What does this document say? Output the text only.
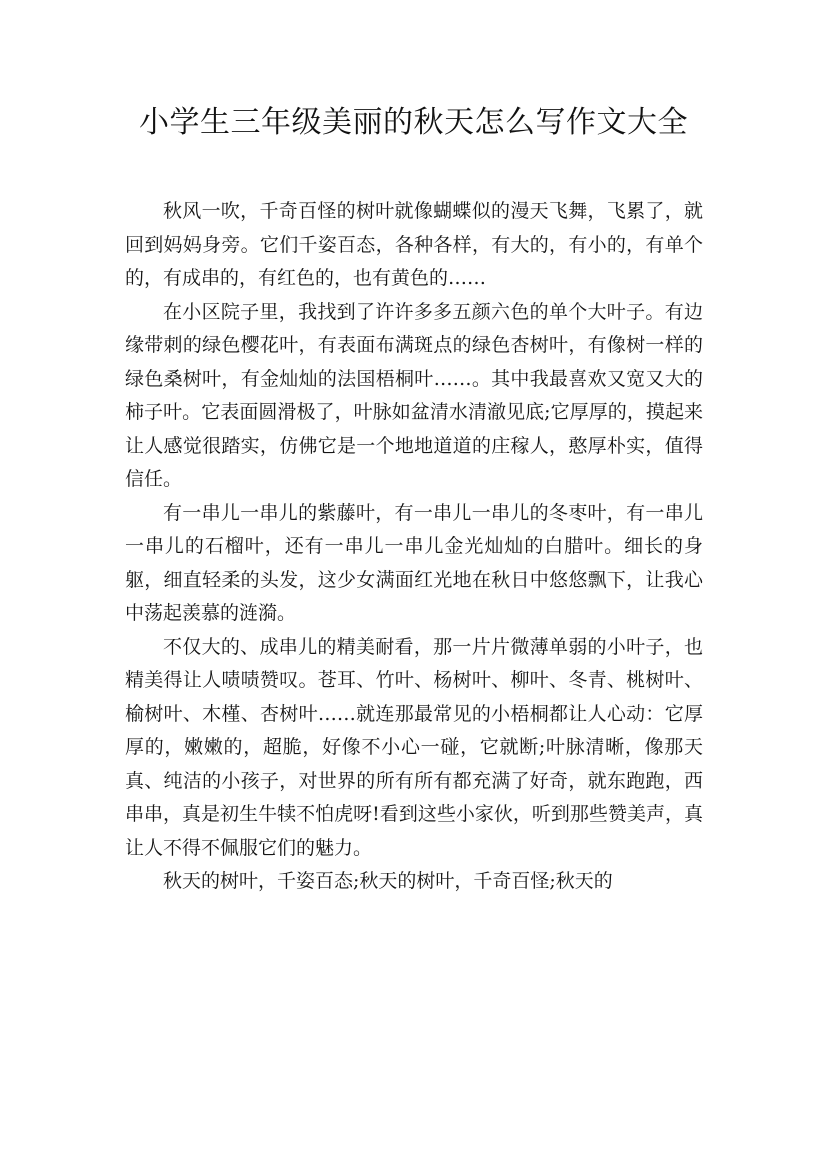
小学生三年级美丽的秋天怎么写作文大全

秋风一吹，千奇百怪的树叶就像蝴蝶似的漫天飞舞，飞累了，就回到妈妈身旁。它们千姿百态，各种各样，有大的，有小的，有单个的，有成串的，有红色的，也有黄色的……

在小区院子里，我找到了许许多多五颜六色的单个大叶子。有边缘带刺的绿色樱花叶，有表面布满斑点的绿色杏树叶，有像树一样的绿色桑树叶，有金灿灿的法国梧桐叶……。其中我最喜欢又宽又大的柿子叶。它表面圆滑极了，叶脉如盆清水清澈见底;它厚厚的，摸起来让人感觉很踏实，仿佛它是一个地地道道的庄稼人，憨厚朴实，值得信任。

有一串儿一串儿的紫藤叶，有一串儿一串儿的冬枣叶，有一串儿一串儿的石榴叶，还有一串儿一串儿金光灿灿的白腊叶。细长的身躯，细直轻柔的头发，这少女满面红光地在秋日中悠悠飘下，让我心中荡起羡慕的涟漪。

不仅大的、成串儿的精美耐看，那一片片微薄单弱的小叶子，也精美得让人啧啧赞叹。苍耳、竹叶、杨树叶、柳叶、冬青、桃树叶、榆树叶、木槿、杏树叶……就连那最常见的小梧桐都让人心动：它厚厚的，嫩嫩的，超脆，好像不小心一碰，它就断;叶脉清晰，像那天真、纯洁的小孩子，对世界的所有所有都充满了好奇，就东跑跑，西串串，真是初生牛犊不怕虎呀!看到这些小家伙，听到那些赞美声，真让人不得不佩服它们的魅力。

秋天的树叶，千姿百态;秋天的树叶，千奇百怪;秋天的
